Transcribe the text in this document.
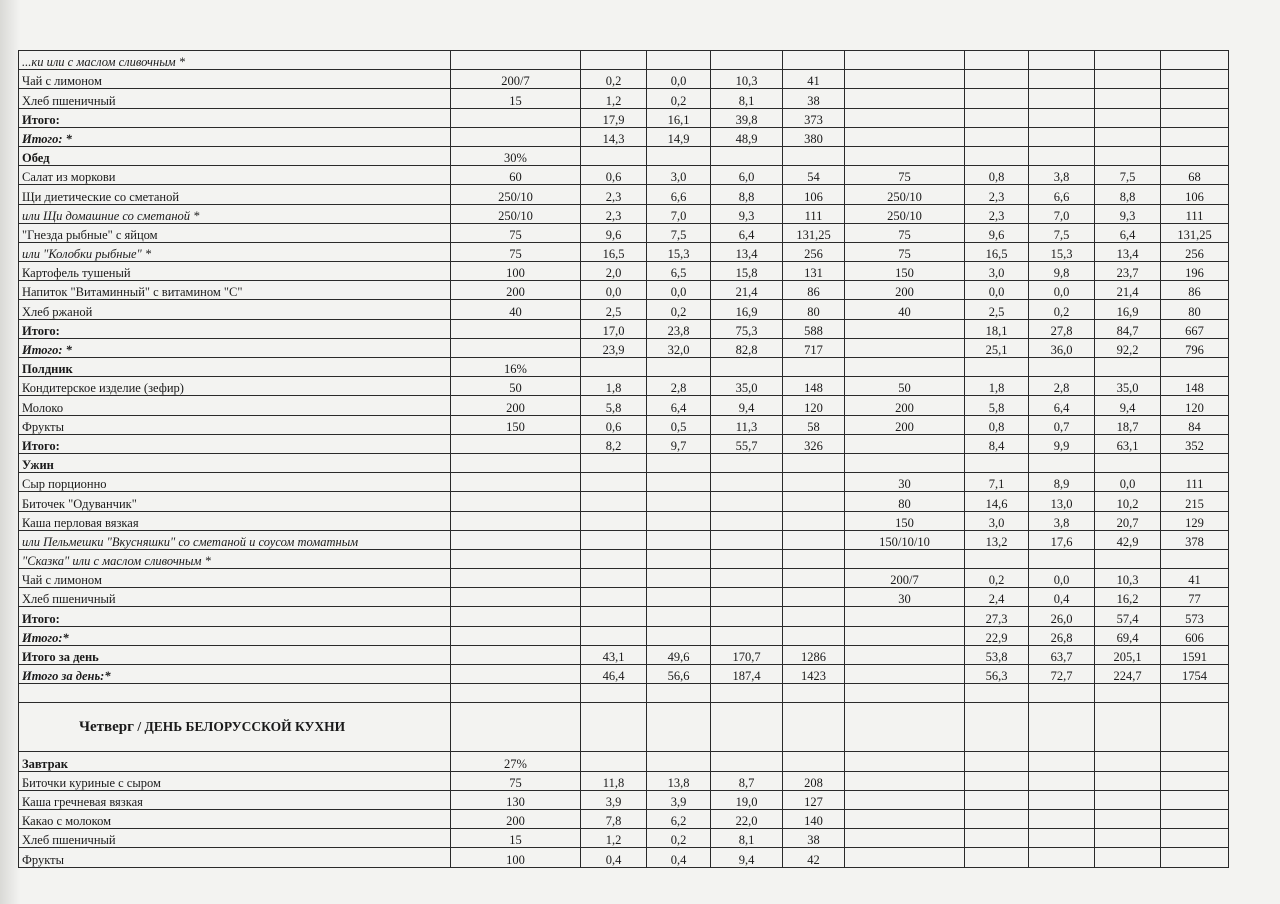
...ки или с маслом сливочным *										
Чай с лимоном	200/7	0,2	0,0	10,3	41					
Хлеб пшеничный	15	1,2	0,2	8,1	38					
Итого:		17,9	16,1	39,8	373					
Итого: *		14,3	14,9	48,9	380					
Обед	30%									
Салат из моркови	60	0,6	3,0	6,0	54	75	0,8	3,8	7,5	68
Щи диетические со сметаной	250/10	2,3	6,6	8,8	106	250/10	2,3	6,6	8,8	106
или Щи домашние со сметаной *	250/10	2,3	7,0	9,3	111	250/10	2,3	7,0	9,3	111
"Гнезда рыбные" с яйцом	75	9,6	7,5	6,4	131,25	75	9,6	7,5	6,4	131,25
или "Колобки рыбные" *	75	16,5	15,3	13,4	256	75	16,5	15,3	13,4	256
Картофель тушеный	100	2,0	6,5	15,8	131	150	3,0	9,8	23,7	196
Напиток "Витаминный" с витамином "С"	200	0,0	0,0	21,4	86	200	0,0	0,0	21,4	86
Хлеб ржаной	40	2,5	0,2	16,9	80	40	2,5	0,2	16,9	80
Итого:		17,0	23,8	75,3	588		18,1	27,8	84,7	667
Итого: *		23,9	32,0	82,8	717		25,1	36,0	92,2	796
Полдник	16%									
Кондитерское изделие (зефир)	50	1,8	2,8	35,0	148	50	1,8	2,8	35,0	148
Молоко	200	5,8	6,4	9,4	120	200	5,8	6,4	9,4	120
Фрукты	150	0,6	0,5	11,3	58	200	0,8	0,7	18,7	84
Итого:		8,2	9,7	55,7	326		8,4	9,9	63,1	352
Ужин										
Сыр порционно						30	7,1	8,9	0,0	111
Биточек "Одуванчик"						80	14,6	13,0	10,2	215
Каша перловая вязкая						150	3,0	3,8	20,7	129
или Пельмешки "Вкусняшки" со сметаной и соусом томатным						150/10/10	13,2	17,6	42,9	378
"Сказка" или с маслом сливочным *										
Чай с лимоном						200/7	0,2	0,0	10,3	41
Хлеб пшеничный						30	2,4	0,4	16,2	77
Итого:							27,3	26,0	57,4	573
Итого:*							22,9	26,8	69,4	606
Итого за день		43,1	49,6	170,7	1286		53,8	63,7	205,1	1591
Итого за день:*		46,4	56,6	187,4	1423		56,3	72,7	224,7	1754

Четверг / ДЕНЬ БЕЛОРУССКОЙ КУХНИ										
Завтрак	27%									
Биточки куриные с сыром	75	11,8	13,8	8,7	208					
Каша гречневая вязкая	130	3,9	3,9	19,0	127					
Какао с молоком	200	7,8	6,2	22,0	140					
Хлеб пшеничный	15	1,2	0,2	8,1	38					
Фрукты	100	0,4	0,4	9,4	42					
